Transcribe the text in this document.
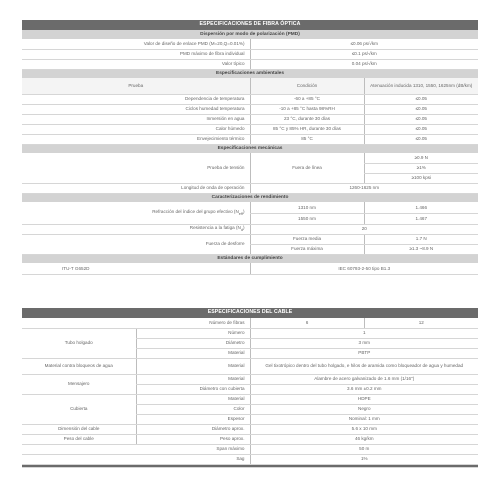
ESPECIFICACIONES DE FIBRA ÓPTICA		
Dispersión por modo de polarización (PMD)		
Valor de diseño de enlace PMD (M=20,Q=0.01%)	≤0.06 ps/√km	
PMD máximo de fibra individual	≤0.1 ps/√km	
Valor típico	0.04 ps/√km	
Especificaciones ambientales		
Prueba	Condición	Atenuación inducida 1310, 1550, 1625nm (dB/km)
Dependencia de temperatura	-60 a +85 °C	≤0.05
Ciclos humedad temperatura	-10 a +85 °C hasta 98%RH	≤0.05
Inmersión en agua	23 °C, durante 30 días	≤0.05
Calor húmedo	85 °C y 85% HR, durante 30 días	≤0.05
Envejecimiento térmico	85 °C	≤0.05
Especificaciones mecánicas		
Prueba de tensión	Fuera de línea	≥0.9 N
		≥1%
		≥100 kpsi
Longitud de onda de operación	1260-1625 nm	
Caracterizaciones de rendimiento		
Refracción del índice del grupo efectivo $(N_{eff})$	1310 nm	1.466
	1550 nm	1.467
Resistencia a la fatiga $(N_d)$	20	
Fuerza de desforre	Fuerza media	1.7 N
	Fuerza máxima	≥1.3 ~8.9 N
Estándares de cumplimiento		
ITU-T G652D	IEC 60793-2-50 tipo B1.3	
ESPECIFICACIONES DEL CABLE			
Número de fibras		6	12
Tubo holgado	Número	1	
	Diámetro	3 mm	
	Material	PBTP	
Material contra bloqueos de agua	Material	Gel tixotrópico dentro del tubo holgado, e hilos de aramida como bloqueador de agua y humedad	
Mensajero	Material	Alambre de acero galvanizado de 1.6 mm (1/16")	
	Diámetro con cubierta	3.6 mm ±0.2 mm	
Cubierta	Material	HDPE	
	Color	Negro	
	Espesor	Nominal: 1 mm	
Dimensión del cable	Diámetro aprox.	5.6 x 10 mm	
Peso del cable	Peso aprox.	46 kg/km	
Span máximo		50 m	
Sag		1%	
